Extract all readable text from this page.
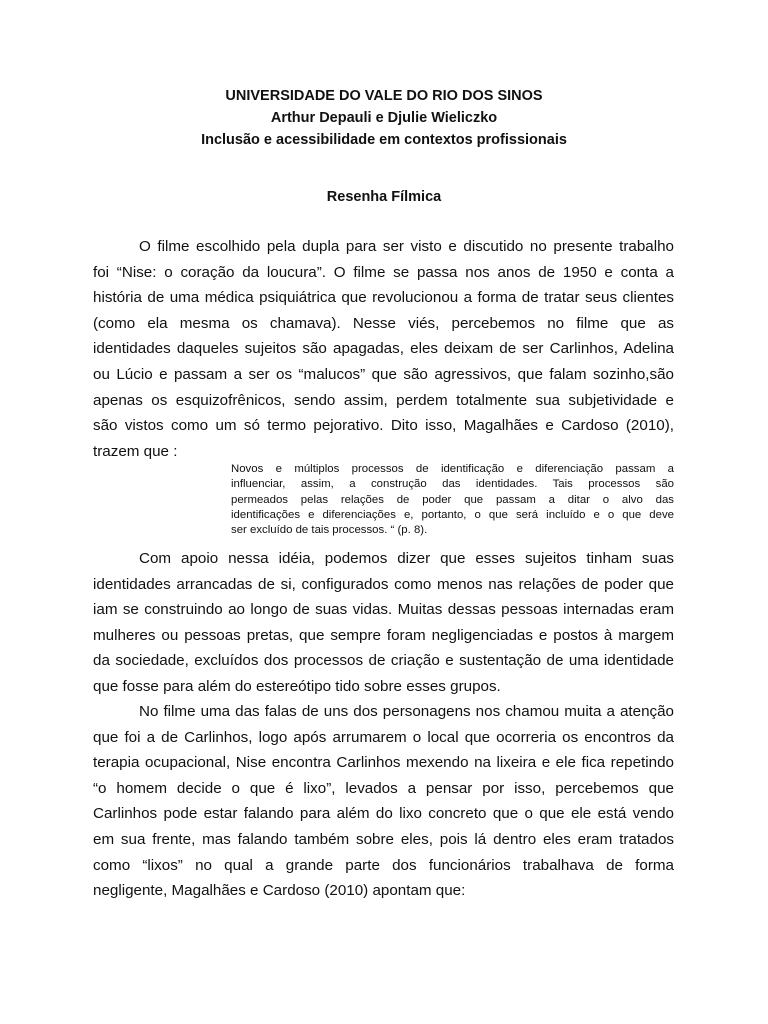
UNIVERSIDADE DO VALE DO RIO DOS SINOS
Arthur Depauli e Djulie Wieliczko
Inclusão e acessibilidade em contextos profissionais
Resenha Fílmica
O filme escolhido pela dupla para ser visto e discutido no presente trabalho
foi “Nise: o coração da loucura”. O filme se passa nos anos de 1950 e conta a
história de uma médica psiquiátrica que revolucionou a forma de tratar seus clientes
(como ela mesma os chamava). Nesse viés, percebemos no filme que as
identidades daqueles sujeitos são apagadas, eles deixam de ser Carlinhos, Adelina
ou Lúcio e passam a ser os “malucos” que são agressivos, que falam sozinho,são
apenas os esquizofrênicos, sendo assim, perdem totalmente sua subjetividade e
são vistos como um só termo pejorativo. Dito isso, Magalhães e Cardoso (2010),
trazem que :
Novos e múltiplos processos de identificação e diferenciação passam a
influenciar, assim, a construção das identidades. Tais processos são
permeados pelas relações de poder que passam a ditar o alvo das
identificações e diferenciações e, portanto, o que será incluído e o que deve
ser excluído de tais processos. “ (p. 8).
Com apoio nessa idéia, podemos dizer que esses sujeitos tinham suas
identidades arrancadas de si, configurados como menos nas relações de poder que
iam se construindo ao longo de suas vidas. Muitas dessas pessoas internadas eram
mulheres ou pessoas pretas, que sempre foram negligenciadas e postos à margem
da sociedade, excluídos dos processos de criação e sustentação de uma identidade
que fosse para além do estereótipo tido sobre esses grupos.
No filme uma das falas de uns dos personagens nos chamou muita a atenção
que foi a de Carlinhos, logo após arrumarem o local que ocorreria os encontros da
terapia ocupacional, Nise encontra Carlinhos mexendo na lixeira e ele fica repetindo
“o homem decide o que é lixo”, levados a pensar por isso, percebemos que
Carlinhos pode estar falando para além do lixo concreto que o que ele está vendo
em sua frente, mas falando também sobre eles, pois lá dentro eles eram tratados
como “lixos” no qual a grande parte dos funcionários trabalhava de forma
negligente, Magalhães e Cardoso (2010) apontam que:
